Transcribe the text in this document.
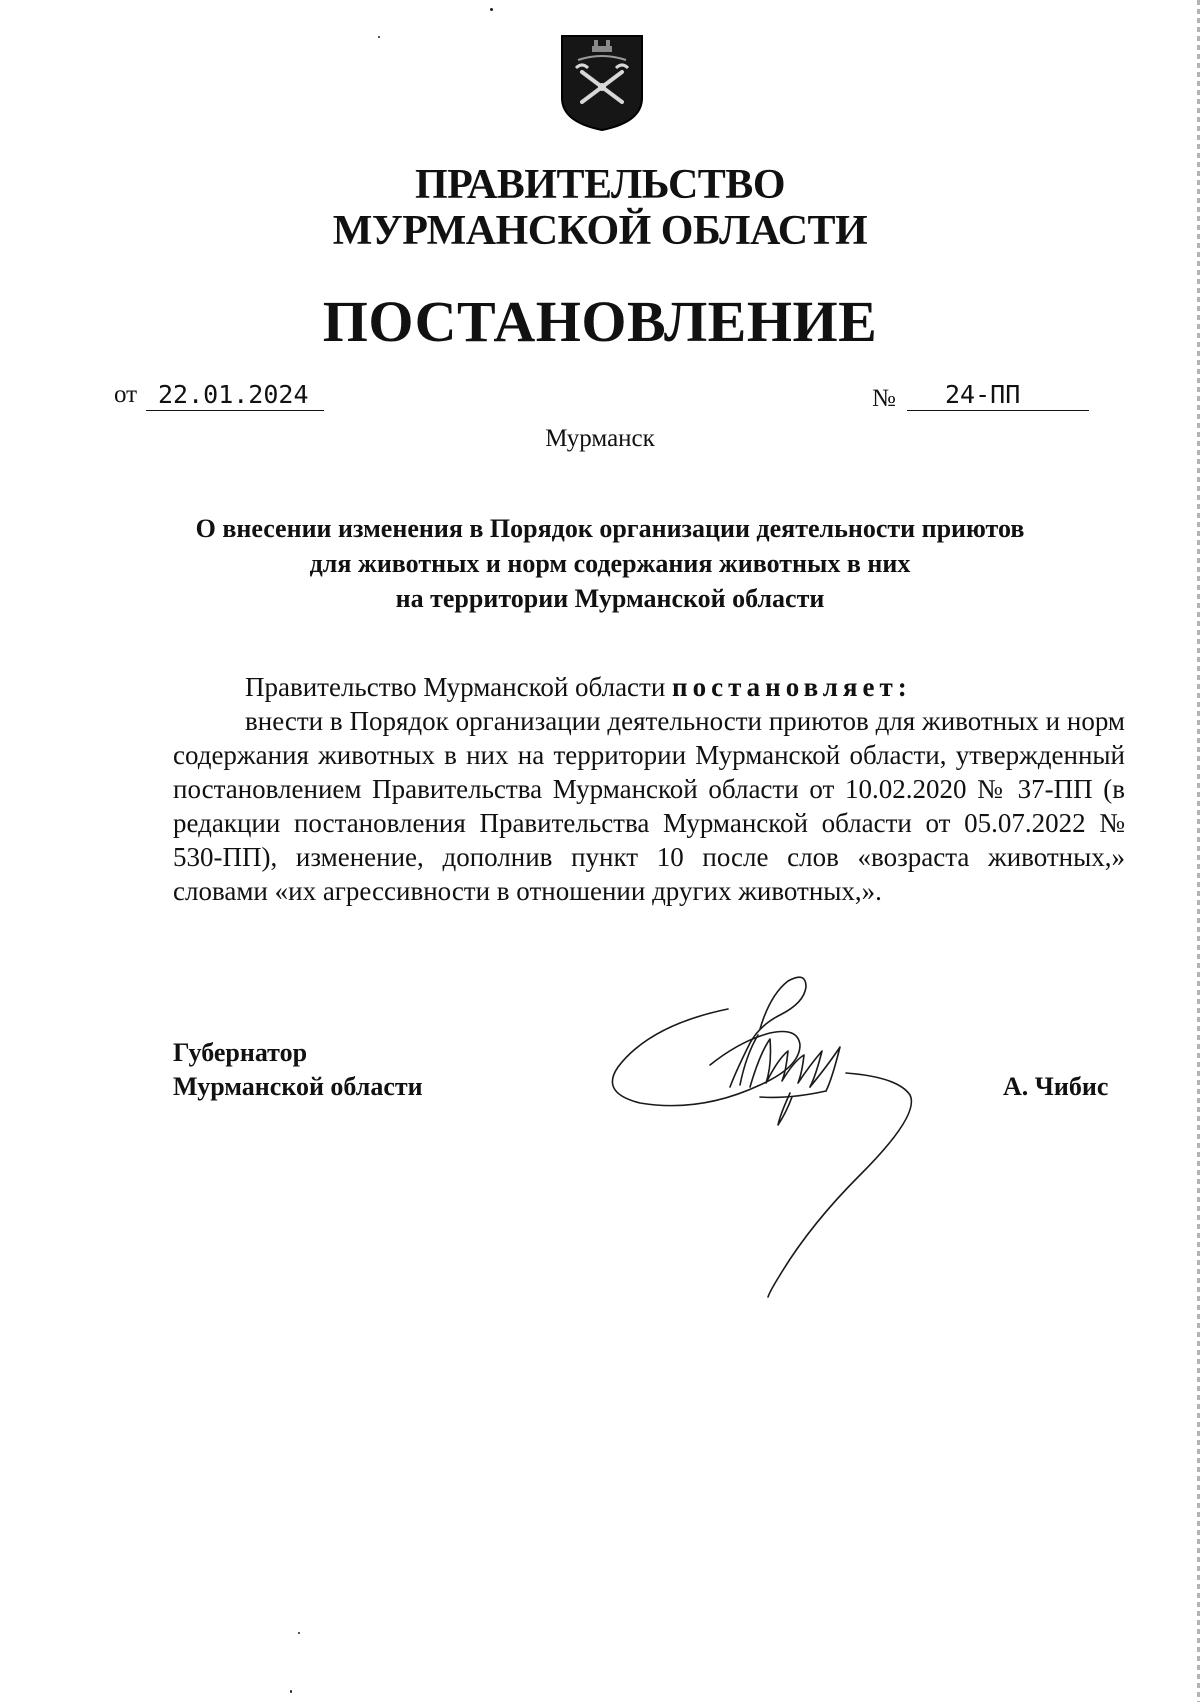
ПРАВИТЕЛЬСТВО
МУРМАНСКОЙ ОБЛАСТИ
ПОСТАНОВЛЕНИЕ
от 22.01.2024	№	24-ПП
Мурманск
О внесении изменения в Порядок организации деятельности приютов
для животных и норм содержания животных в них
на территории Мурманской области
Правительство Мурманской области постановляет:
внести в Порядок организации деятельности приютов для животных и норм содержания животных в них на территории Мурманской области, утвержденный постановлением Правительства Мурманской области от 10.02.2020 № 37-ПП (в редакции постановления Правительства Мурманской области от 05.07.2022 № 530-ПП), изменение, дополнив пункт 10 после слов «возраста животных,» словами «их агрессивности в отношении других животных,».
Губернатор
Мурманской области	А. Чибис
